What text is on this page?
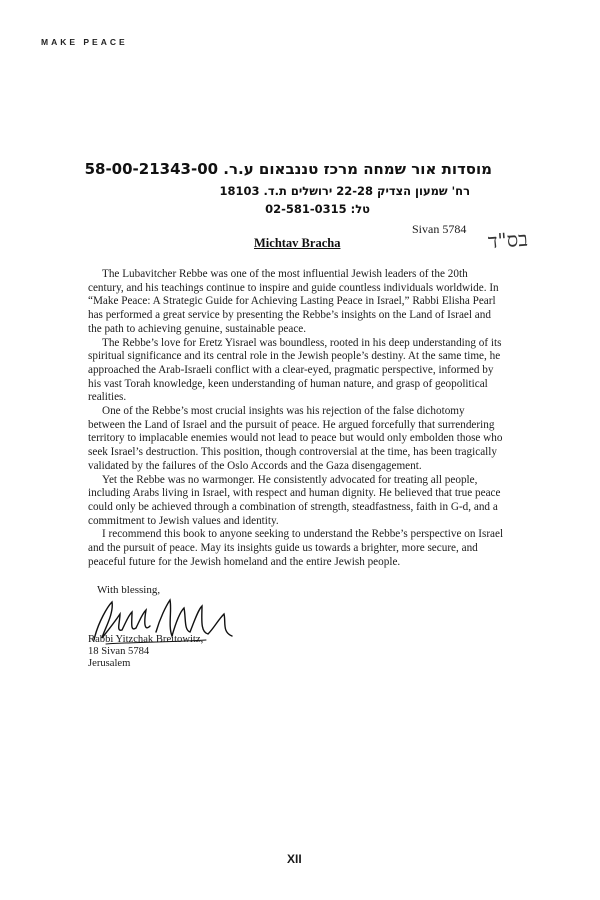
MAKE PEACE
מוסדות אור שמחה מרכז טננבאום ע.ר. 58-00-21343-00
רח' שמעון הצדיק 22-28 ירושלים ת.ד. 18103
טל: 02-581-0315
Sivan 5784 בס"ד
Michtav Bracha

The Lubavitcher Rebbe was one of the most influential Jewish leaders of the 20th century, and his teachings continue to inspire and guide countless individuals worldwide. In “Make Peace: A Strategic Guide for Achieving Lasting Peace in Israel,” Rabbi Elisha Pearl has performed a great service by presenting the Rebbe’s insights on the Land of Israel and the path to achieving genuine, sustainable peace.

The Rebbe’s love for Eretz Yisrael was boundless, rooted in his deep understanding of its spiritual significance and its central role in the Jewish people’s destiny. At the same time, he approached the Arab-Israeli conflict with a clear-eyed, pragmatic perspective, informed by his vast Torah knowledge, keen understanding of human nature, and grasp of geopolitical realities.

One of the Rebbe’s most crucial insights was his rejection of the false dichotomy between the Land of Israel and the pursuit of peace. He argued forcefully that surrendering territory to implacable enemies would not lead to peace but would only embolden those who seek Israel’s destruction. This position, though controversial at the time, has been tragically validated by the failures of the Oslo Accords and the Gaza disengagement.

Yet the Rebbe was no warmonger. He consistently advocated for treating all people, including Arabs living in Israel, with respect and human dignity. He believed that true peace could only be achieved through a combination of strength, steadfastness, faith in G-d, and a commitment to Jewish values and identity.

I recommend this book to anyone seeking to understand the Rebbe’s perspective on Israel and the pursuit of peace. May its insights guide us towards a brighter, more secure, and peaceful future for the Jewish homeland and the entire Jewish people.

With blessing,
Rabbi Yitzchak Breitowitz,
18 Sivan 5784
Jerusalem
XII
